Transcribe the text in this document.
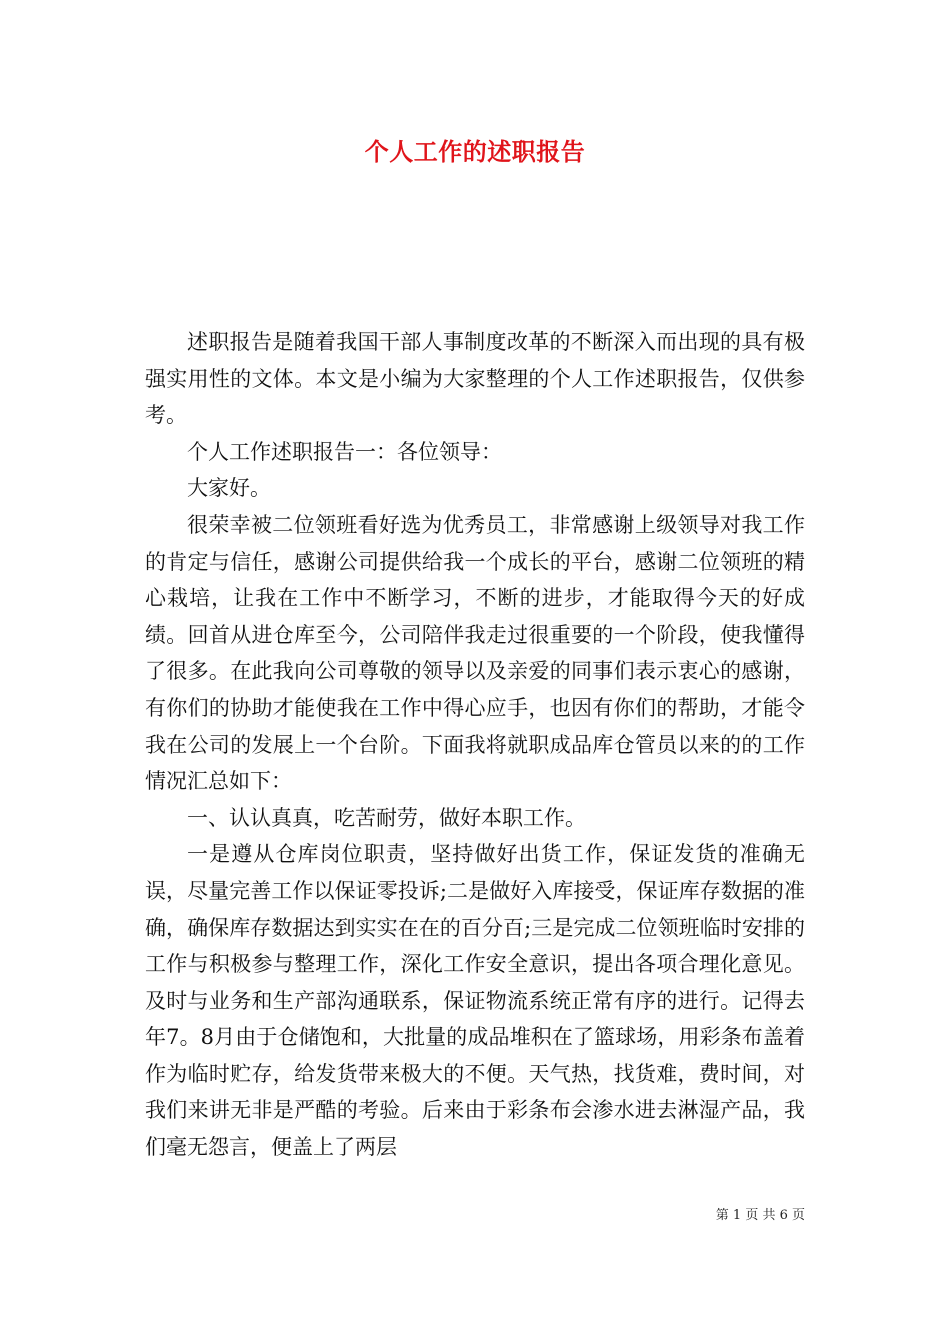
个人工作的述职报告

述职报告是随着我国干部人事制度改革的不断深入而出现的具有极强实用性的文体。本文是小编为大家整理的个人工作述职报告，仅供参考。

个人工作述职报告一：各位领导：

大家好。

很荣幸被二位领班看好选为优秀员工，非常感谢上级领导对我工作的肯定与信任，感谢公司提供给我一个成长的平台，感谢二位领班的精心栽培，让我在工作中不断学习，不断的进步，才能取得今天的好成绩。回首从进仓库至今，公司陪伴我走过很重要的一个阶段，使我懂得了很多。在此我向公司尊敬的领导以及亲爱的同事们表示衷心的感谢，有你们的协助才能使我在工作中得心应手，也因有你们的帮助，才能令我在公司的发展上一个台阶。下面我将就职成品库仓管员以来的的工作情况汇总如下：

一、认认真真，吃苦耐劳，做好本职工作。

一是遵从仓库岗位职责，坚持做好出货工作，保证发货的准确无误，尽量完善工作以保证零投诉;二是做好入库接受，保证库存数据的准确，确保库存数据达到实实在在的百分百;三是完成二位领班临时安排的工作与积极参与整理工作，深化工作安全意识，提出各项合理化意见。及时与业务和生产部沟通联系，保证物流系统正常有序的进行。记得去年7。8月由于仓储饱和，大批量的成品堆积在了篮球场，用彩条布盖着作为临时贮存，给发货带来极大的不便。天气热，找货难，费时间，对我们来讲无非是严酷的考验。后来由于彩条布会渗水进去淋湿产品，我们毫无怨言，便盖上了两层

第 1 页 共 6 页
